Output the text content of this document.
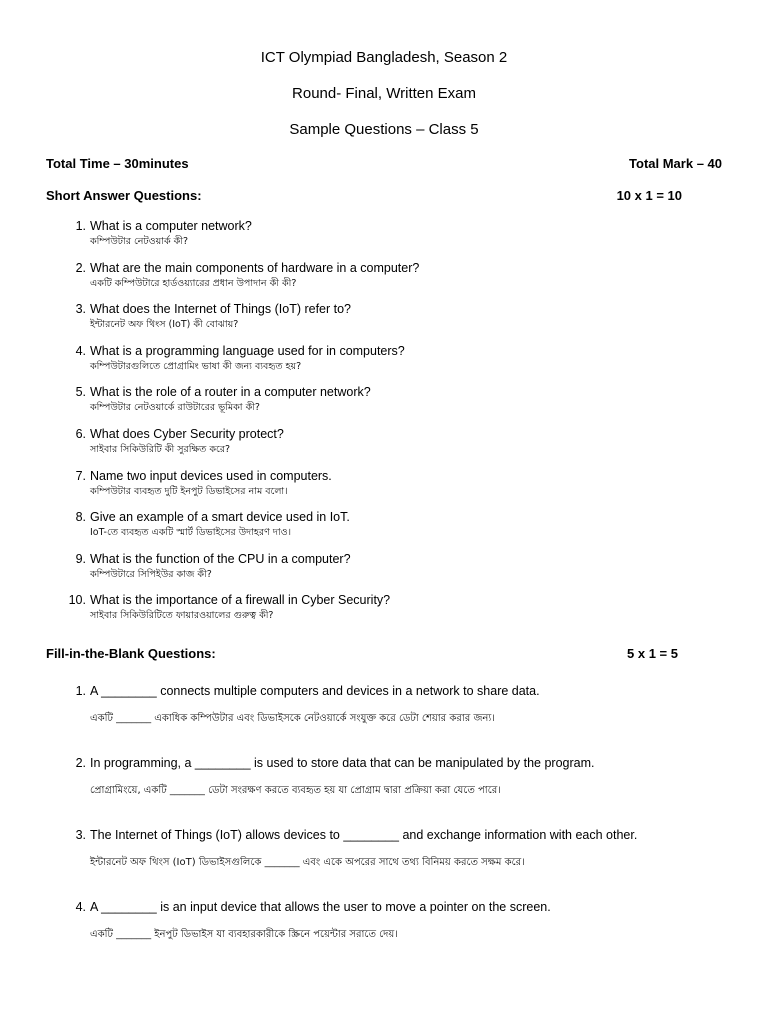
ICT Olympiad Bangladesh, Season 2
Round- Final, Written Exam
Sample Questions – Class 5
Total Time – 30minutes	Total Mark – 40
Short Answer Questions:	10 x 1 = 10
1. What is a computer network?
কম্পিউটার নেটওয়ার্ক কী?
2. What are the main components of hardware in a computer?
একটি কম্পিউটারে হার্ডওয়্যারের প্রধান উপাদান কী কী?
3. What does the Internet of Things (IoT) refer to?
ইন্টারনেট অফ থিংস (IoT) কী বোঝায়?
4. What is a programming language used for in computers?
কম্পিউটারগুলিতে প্রোগ্রামিং ভাষা কী জন্য ব্যবহৃত হয়?
5. What is the role of a router in a computer network?
কম্পিউটার নেটওয়ার্কে রাউটারের ভূমিকা কী?
6. What does Cyber Security protect?
সাইবার সিকিউরিটি কী সুরক্ষিত করে?
7. Name two input devices used in computers.
কম্পিউটার ব্যবহৃত দুটি ইনপুট ডিভাইসের নাম বলো।
8. Give an example of a smart device used in IoT.
IoT-তে ব্যবহৃত একটি স্মার্ট ডিভাইসের উদাহরণ দাও।
9. What is the function of the CPU in a computer?
কম্পিউটারে সিপিইউর কাজ কী?
10. What is the importance of a firewall in Cyber Security?
সাইবার সিকিউরিটিতে ফায়ারওয়ালের গুরুত্ব কী?
Fill-in-the-Blank Questions:	5 x 1 = 5
1. A ________ connects multiple computers and devices in a network to share data.
একটি _______ একাধিক কম্পিউটার এবং ডিভাইসকে নেটওয়ার্কে সংযুক্ত করে ডেটা শেয়ার করার জন্য।
2. In programming, a ________ is used to store data that can be manipulated by the program.
প্রোগ্রামিংয়ে, একটি _______ ডেটা সংরক্ষণ করতে ব্যবহৃত হয় যা প্রোগ্রাম দ্বারা প্রক্রিয়া করা যেতে পারে।
3. The Internet of Things (IoT) allows devices to ________ and exchange information with each other.
ইন্টারনেট অফ থিংস (IoT) ডিভাইসগুলিকে _______ এবং একে অপরের সাথে তথ্য বিনিময় করতে সক্ষম করে।
4. A ________ is an input device that allows the user to move a pointer on the screen.
একটি _______ ইনপুট ডিভাইস যা ব্যবহারকারীকে স্ক্রিনে পয়েন্টার সরাতে দেয়।
